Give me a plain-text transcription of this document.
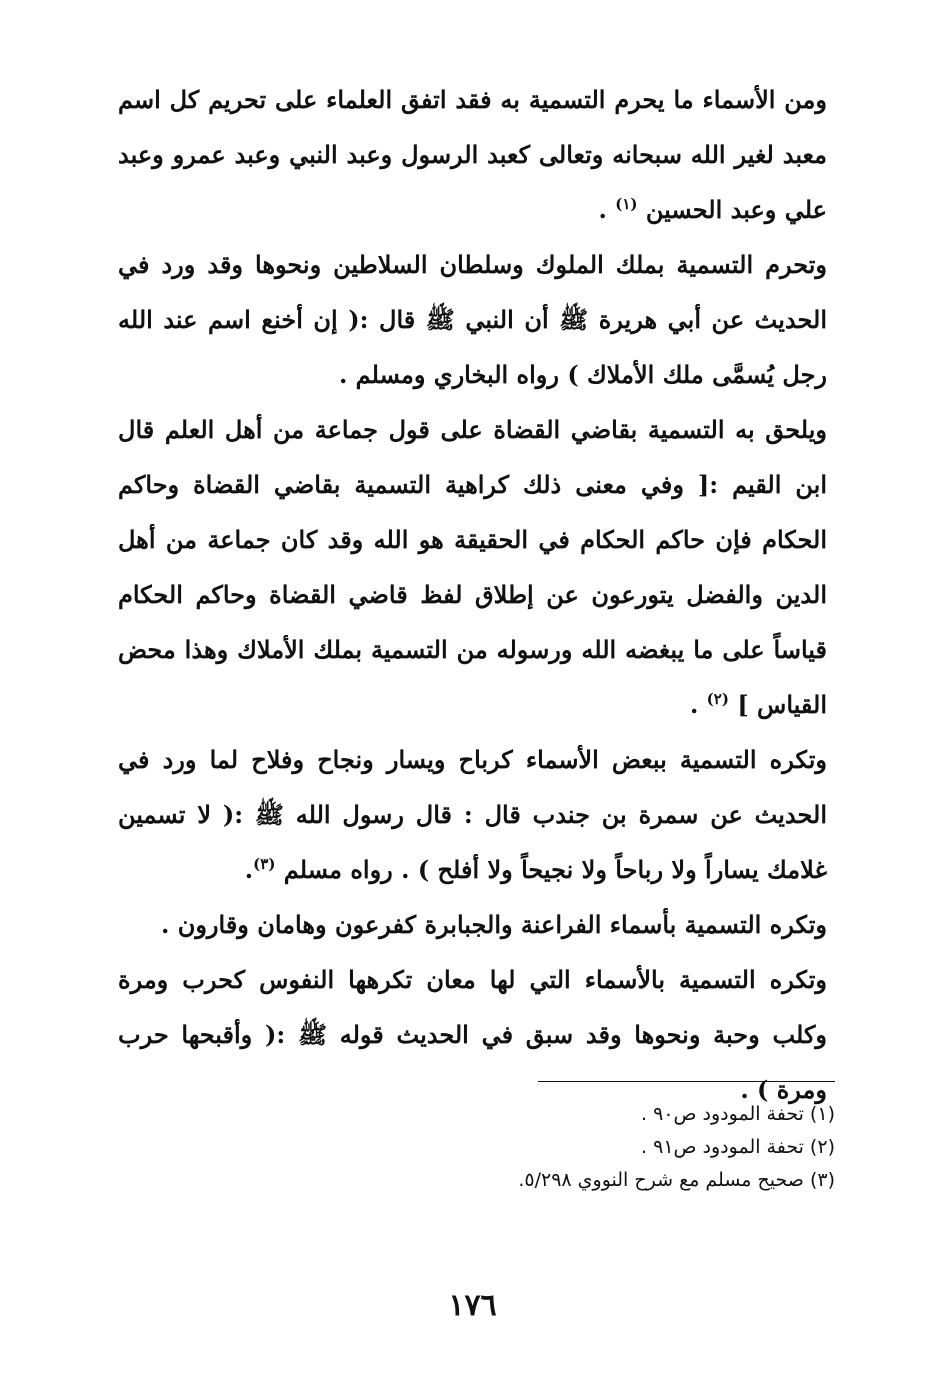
ومن الأسماء ما يحرم التسمية به فقد اتفق العلماء على تحريم كل اسم معبد لغير الله سبحانه وتعالى كعبد الرسول وعبد النبي وعبد عمرو وعبد علي وعبد الحسين $^{(١)}$ .

وتحرم التسمية بملك الملوك وسلطان السلاطين ونحوها وقد ورد في الحديث عن أبي هريرة ﷺ أن النبي ﷺ قال :( إن أخنع اسم عند الله رجل يُسمَّى ملك الأملاك ) رواه البخاري ومسلم .

ويلحق به التسمية بقاضي القضاة على قول جماعة من أهل العلم قال ابن القيم :[ وفي معنى ذلك كراهية التسمية بقاضي القضاة وحاكم الحكام فإن حاكم الحكام في الحقيقة هو الله وقد كان جماعة من أهل الدين والفضل يتورعون عن إطلاق لفظ قاضي القضاة وحاكم الحكام قياساً على ما يبغضه الله ورسوله من التسمية بملك الأملاك وهذا محض القياس ] $^{(٢)}$ .

وتكره التسمية ببعض الأسماء كرباح ويسار ونجاح وفلاح لما ورد في الحديث عن سمرة بن جندب قال : قال رسول الله ﷺ :( لا تسمين غلامك يساراً ولا رباحاً ولا نجيحاً ولا أفلح ) . رواه مسلم $^{(٣)}$.

وتكره التسمية بأسماء الفراعنة والجبابرة كفرعون وهامان وقارون .

وتكره التسمية بالأسماء التي لها معان تكرهها النفوس كحرب ومرة وكلب وحبة ونحوها وقد سبق في الحديث قوله ﷺ :( وأقبحها حرب ومرة ) .

(١) تحفة المودود ص٩٠ .
(٢) تحفة المودود ص٩١ .
(٣) صحيح مسلم مع شرح النووي ٥/٢٩٨.
١٧٦
